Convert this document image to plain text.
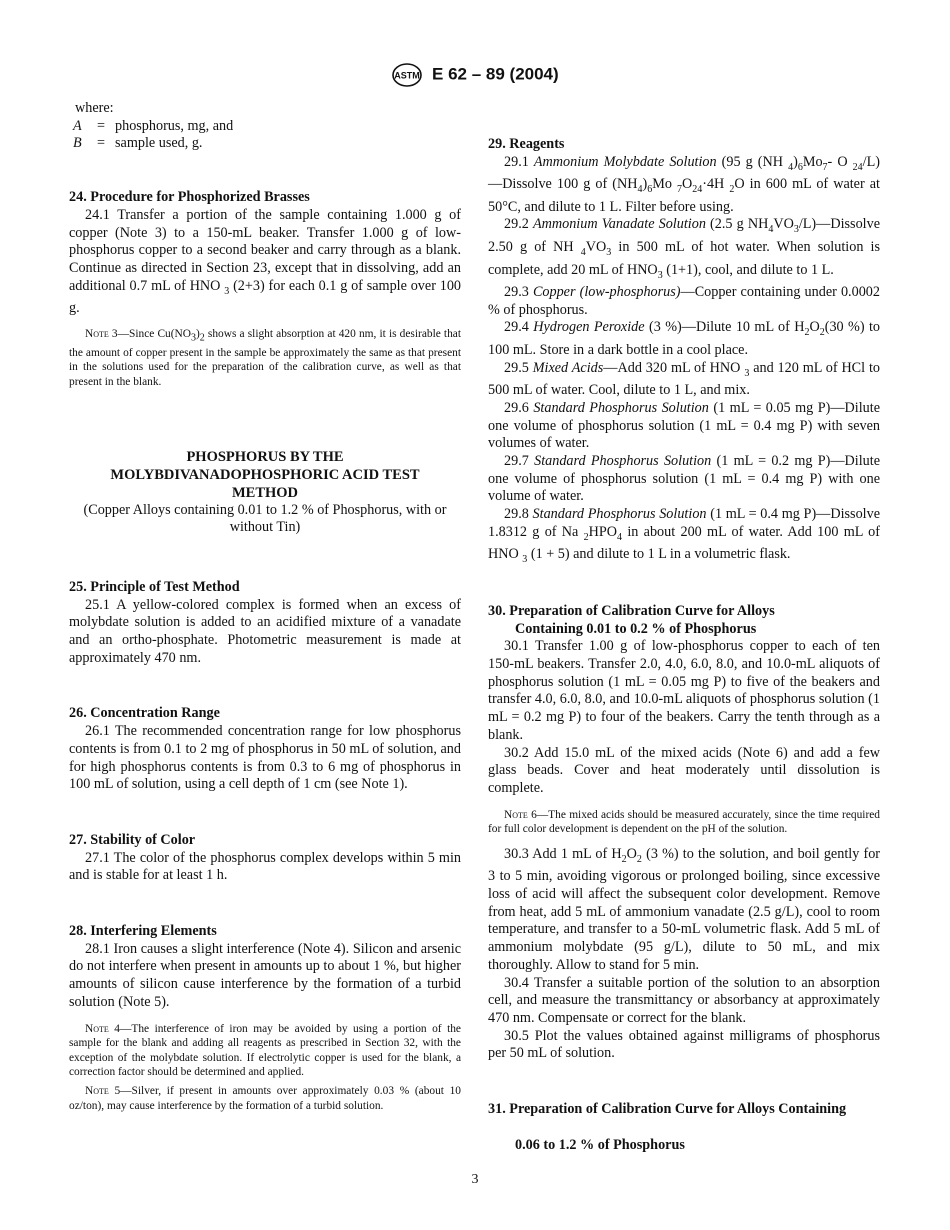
ASTM E 62 – 89 (2004)

where:

A	= phosphorus, mg, and
B	= sample used, g.
24. Procedure for Phosphorized Brasses

24.1 Transfer a portion of the sample containing 1.000 g of copper (Note 3) to a 150-mL beaker. Transfer 1.000 g of low-phosphorus copper to a second beaker and carry through as a blank. Continue as directed in Section 23, except that in dissolving, add an additional 0.7 mL of HNO $_3$ (2+3) for each 0.1 g of sample over 100 g.

Note 3—Since $Cu(NO_3)_2$ shows a slight absorption at 420 nm, it is desirable that the amount of copper present in the sample be approximately the same as that present in the solutions used for the preparation of the calibration curve, as well as that present in the blank.

PHOSPHORUS BY THE
MOLYBDIVANADOPHOSPHORIC ACID TEST
METHOD
(Copper Alloys containing 0.01 to 1.2 % of Phosphorus, with or without Tin)
25. Principle of Test Method

25.1 A yellow-colored complex is formed when an excess of molybdate solution is added to an acidified mixture of a vanadate and an ortho-phosphate. Photometric measurement is made at approximately 470 nm.

26. Concentration Range

26.1 The recommended concentration range for low phosphorus contents is from 0.1 to 2 mg of phosphorus in 50 mL of solution, and for high phosphorus contents is from 0.3 to 6 mg of phosphorus in 100 mL of solution, using a cell depth of 1 cm (see Note 1).

27. Stability of Color

27.1 The color of the phosphorus complex develops within 5 min and is stable for at least 1 h.

28. Interfering Elements

28.1 Iron causes a slight interference (Note 4). Silicon and arsenic do not interfere when present in amounts up to about 1 %, but higher amounts of silicon cause interference by the formation of a turbid solution (Note 5).

Note 4—The interference of iron may be avoided by using a portion of the sample for the blank and adding all reagents as prescribed in Section 32, with the exception of the molybdate solution. If electrolytic copper is used for the blank, a correction factor should be determined and applied.

Note 5—Silver, if present in amounts over approximately 0.03 % (about 10 oz/ton), may cause interference by the formation of a turbid solution.

29. Reagents

29.1 Ammonium Molybdate Solution (95 g (NH $_4)_6Mo_7-$ O $_{24}$/L)—Dissolve 100 g of $(NH_4)_6Mo$ $_7O_{24}\cdot 4H$ $_2$O in 600 mL of water at 50°C, and dilute to 1 L. Filter before using.

29.2 Ammonium Vanadate Solution (2.5 g $NH_4VO_3/L)—Dissolve$ 2.50 g of NH $_4VO_3$ in 500 mL of hot water. When solution is complete, add 20 mL of $HNO_3$ (1+1), cool, and dilute to 1 L.

29.3 Copper (low-phosphorus)—Copper containing under 0.0002 % of phosphorus.

29.4 Hydrogen Peroxide (3 %)—Dilute 10 mL of $H_2O_2(30$ %) to 100 mL. Store in a dark bottle in a cool place.

29.5 Mixed Acids—Add 320 mL of HNO $_3$ and 120 mL of HCl to 500 mL of water. Cool, dilute to 1 L, and mix.

29.6 Standard Phosphorus Solution (1 mL = 0.05 mg P)—Dilute one volume of phosphorus solution (1 mL = 0.4 mg P) with seven volumes of water.

29.7 Standard Phosphorus Solution (1 mL = 0.2 mg P)—Dilute one volume of phosphorus solution (1 mL = 0.4 mg P) with one volume of water.

29.8 Standard Phosphorus Solution (1 mL = 0.4 mg P)—Dissolve 1.8312 g of Na $_2HPO_4$ in about 200 mL of water. Add 100 mL of HNO $_3$ (1 + 5) and dilute to 1 L in a volumetric flask.

30. Preparation of Calibration Curve for Alloys
Containing 0.01 to 0.2 % of Phosphorus

30.1 Transfer 1.00 g of low-phosphorus copper to each of ten 150-mL beakers. Transfer 2.0, 4.0, 6.0, 8.0, and 10.0-mL aliquots of phosphorus solution (1 mL = 0.05 mg P) to five of the beakers and transfer 4.0, 6.0, 8.0, and 10.0-mL aliquots of phosphorus solution (1 mL = 0.2 mg P) to four of the beakers. Carry the tenth through as a blank.

30.2 Add 15.0 mL of the mixed acids (Note 6) and add a few glass beads. Cover and heat moderately until dissolution is complete.

Note 6—The mixed acids should be measured accurately, since the time required for full color development is dependent on the pH of the solution.

30.3 Add 1 mL of $H_2O_2$ (3 %) to the solution, and boil gently for 3 to 5 min, avoiding vigorous or prolonged boiling, since excessive loss of acid will affect the subsequent color development. Remove from heat, add 5 mL of ammonium vanadate (2.5 g/L), cool to room temperature, and transfer to a 50-mL volumetric flask. Add 5 mL of ammonium molybdate (95 g/L), dilute to 50 mL, and mix thoroughly. Allow to stand for 5 min.

30.4 Transfer a suitable portion of the solution to an absorption cell, and measure the transmittancy or absorbancy at approximately 470 nm. Compensate or correct for the blank.

30.5 Plot the values obtained against milligrams of phosphorus per 50 mL of solution.

31. Preparation of Calibration Curve for Alloys Containing
0.06 to 1.2 % of Phosphorus
3
